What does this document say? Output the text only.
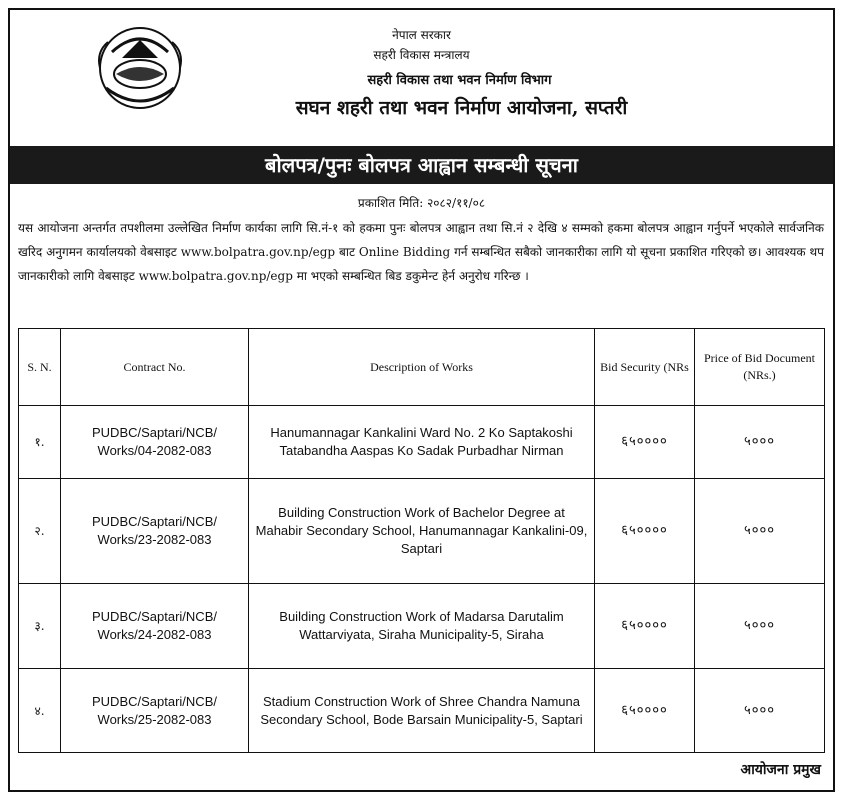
नेपाल सरकार
सहरी विकास मन्त्रालय
सहरी विकास तथा भवन निर्माण विभाग
सघन शहरी तथा भवन निर्माण आयोजना, सप्तरी
बोलपत्र/पुनः बोलपत्र आह्वान सम्बन्धी सूचना
प्रकाशित मिति: २०८२/११/०८
यस आयोजना अन्तर्गत तपशीलमा उल्लेखित निर्माण कार्यका लागि सि.नं-१ को हकमा पुनः बोलपत्र आह्वान तथा सि.नं २ देखि ४ सम्मको हकमा बोलपत्र आह्वान गर्नुपर्ने भएकोले सार्वजनिक खरिद अनुगमन कार्यालयको वेबसाइट www.bolpatra.gov.np/egp बाट Online Bidding गर्न सम्बन्धित सबैको जानकारीका लागि यो सूचना प्रकाशित गरिएको छ। आवश्यक थप जानकारीको लागि वेबसाइट www.bolpatra.gov.np/egp मा भएको सम्बन्धित बिड डकुमेन्ट हेर्न अनुरोध गरिन्छ ।
S. N.	Contract No.	Description of Works	Bid Security (NRs	Price of Bid Document (NRs.)
१.	PUDBC/Saptari/NCB/ Works/04-2082-083	Hanumannagar Kankalini Ward No. 2 Ko Saptakoshi Tatabandha Aaspas Ko Sadak Purbadhar Nirman	६५००००	५०००
२.	PUDBC/Saptari/NCB/ Works/23-2082-083	Building Construction Work of Bachelor Degree at Mahabir Secondary School, Hanumannagar Kankalini-09, Saptari	६५००००	५०००
३.	PUDBC/Saptari/NCB/ Works/24-2082-083	Building Construction Work of Madarsa Darutalim Wattarviyata, Siraha Municipality-5, Siraha	६५००००	५०००
४.	PUDBC/Saptari/NCB/ Works/25-2082-083	Stadium Construction Work of Shree Chandra Namuna Secondary School, Bode Barsain Municipality-5, Saptari	६५००००	५०००
आयोजना प्रमुख
